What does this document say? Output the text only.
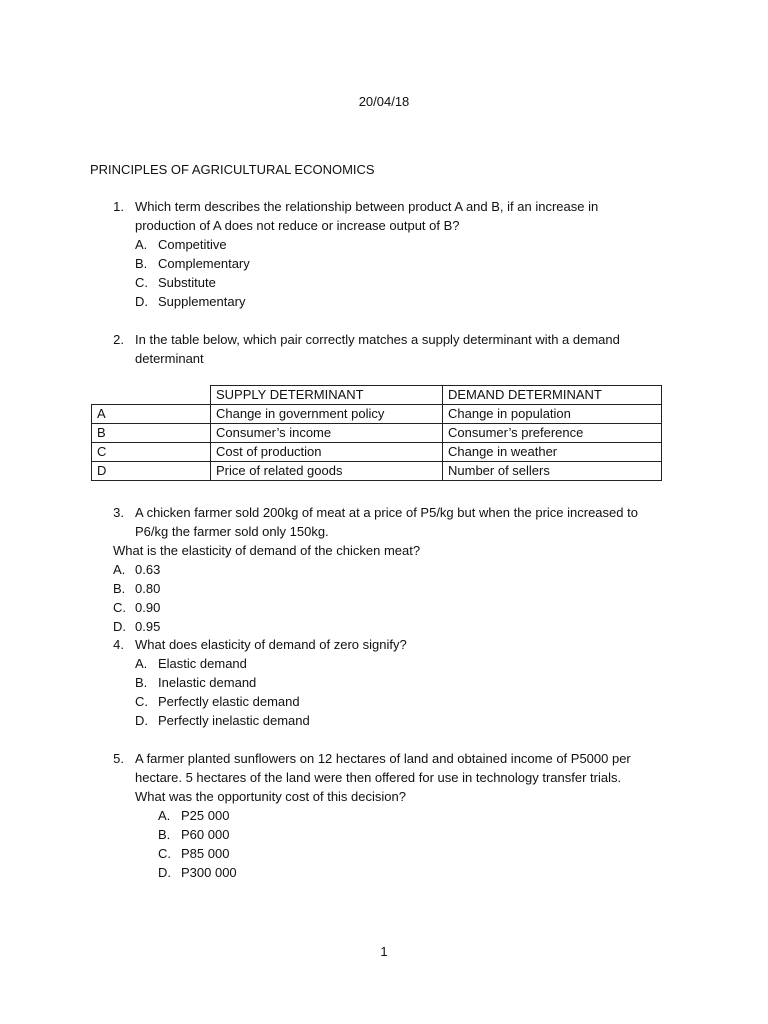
20/04/18

PRINCIPLES OF AGRICULTURAL ECONOMICS

1. Which term describes the relationship between product A and B, if an increase in
production of A does not reduce or increase output of B?
A. Competitive
B. Complementary
C. Substitute
D. Supplementary
2. In the table below, which pair correctly matches a supply determinant with a demand
determinant
	SUPPLY DETERMINANT	DEMAND DETERMINANT
A	Change in government policy	Change in population
B	Consumer’s income	Consumer’s preference
C	Cost of production	Change in weather
D	Price of related goods	Number of sellers
3. A chicken farmer sold 200kg of meat at a price of P5/kg but when the price increased to
P6/kg the farmer sold only 150kg.
What is the elasticity of demand of the chicken meat?
A. 0.63
B. 0.80
C. 0.90
D. 0.95
4. What does elasticity of demand of zero signify?
A. Elastic demand
B. Inelastic demand
C. Perfectly elastic demand
D. Perfectly inelastic demand
5. A farmer planted sunflowers on 12 hectares of land and obtained income of P5000 per
hectare. 5 hectares of the land were then offered for use in technology transfer trials.
What was the opportunity cost of this decision?
A. P25 000
B. P60 000
C. P85 000
D. P300 000

1
